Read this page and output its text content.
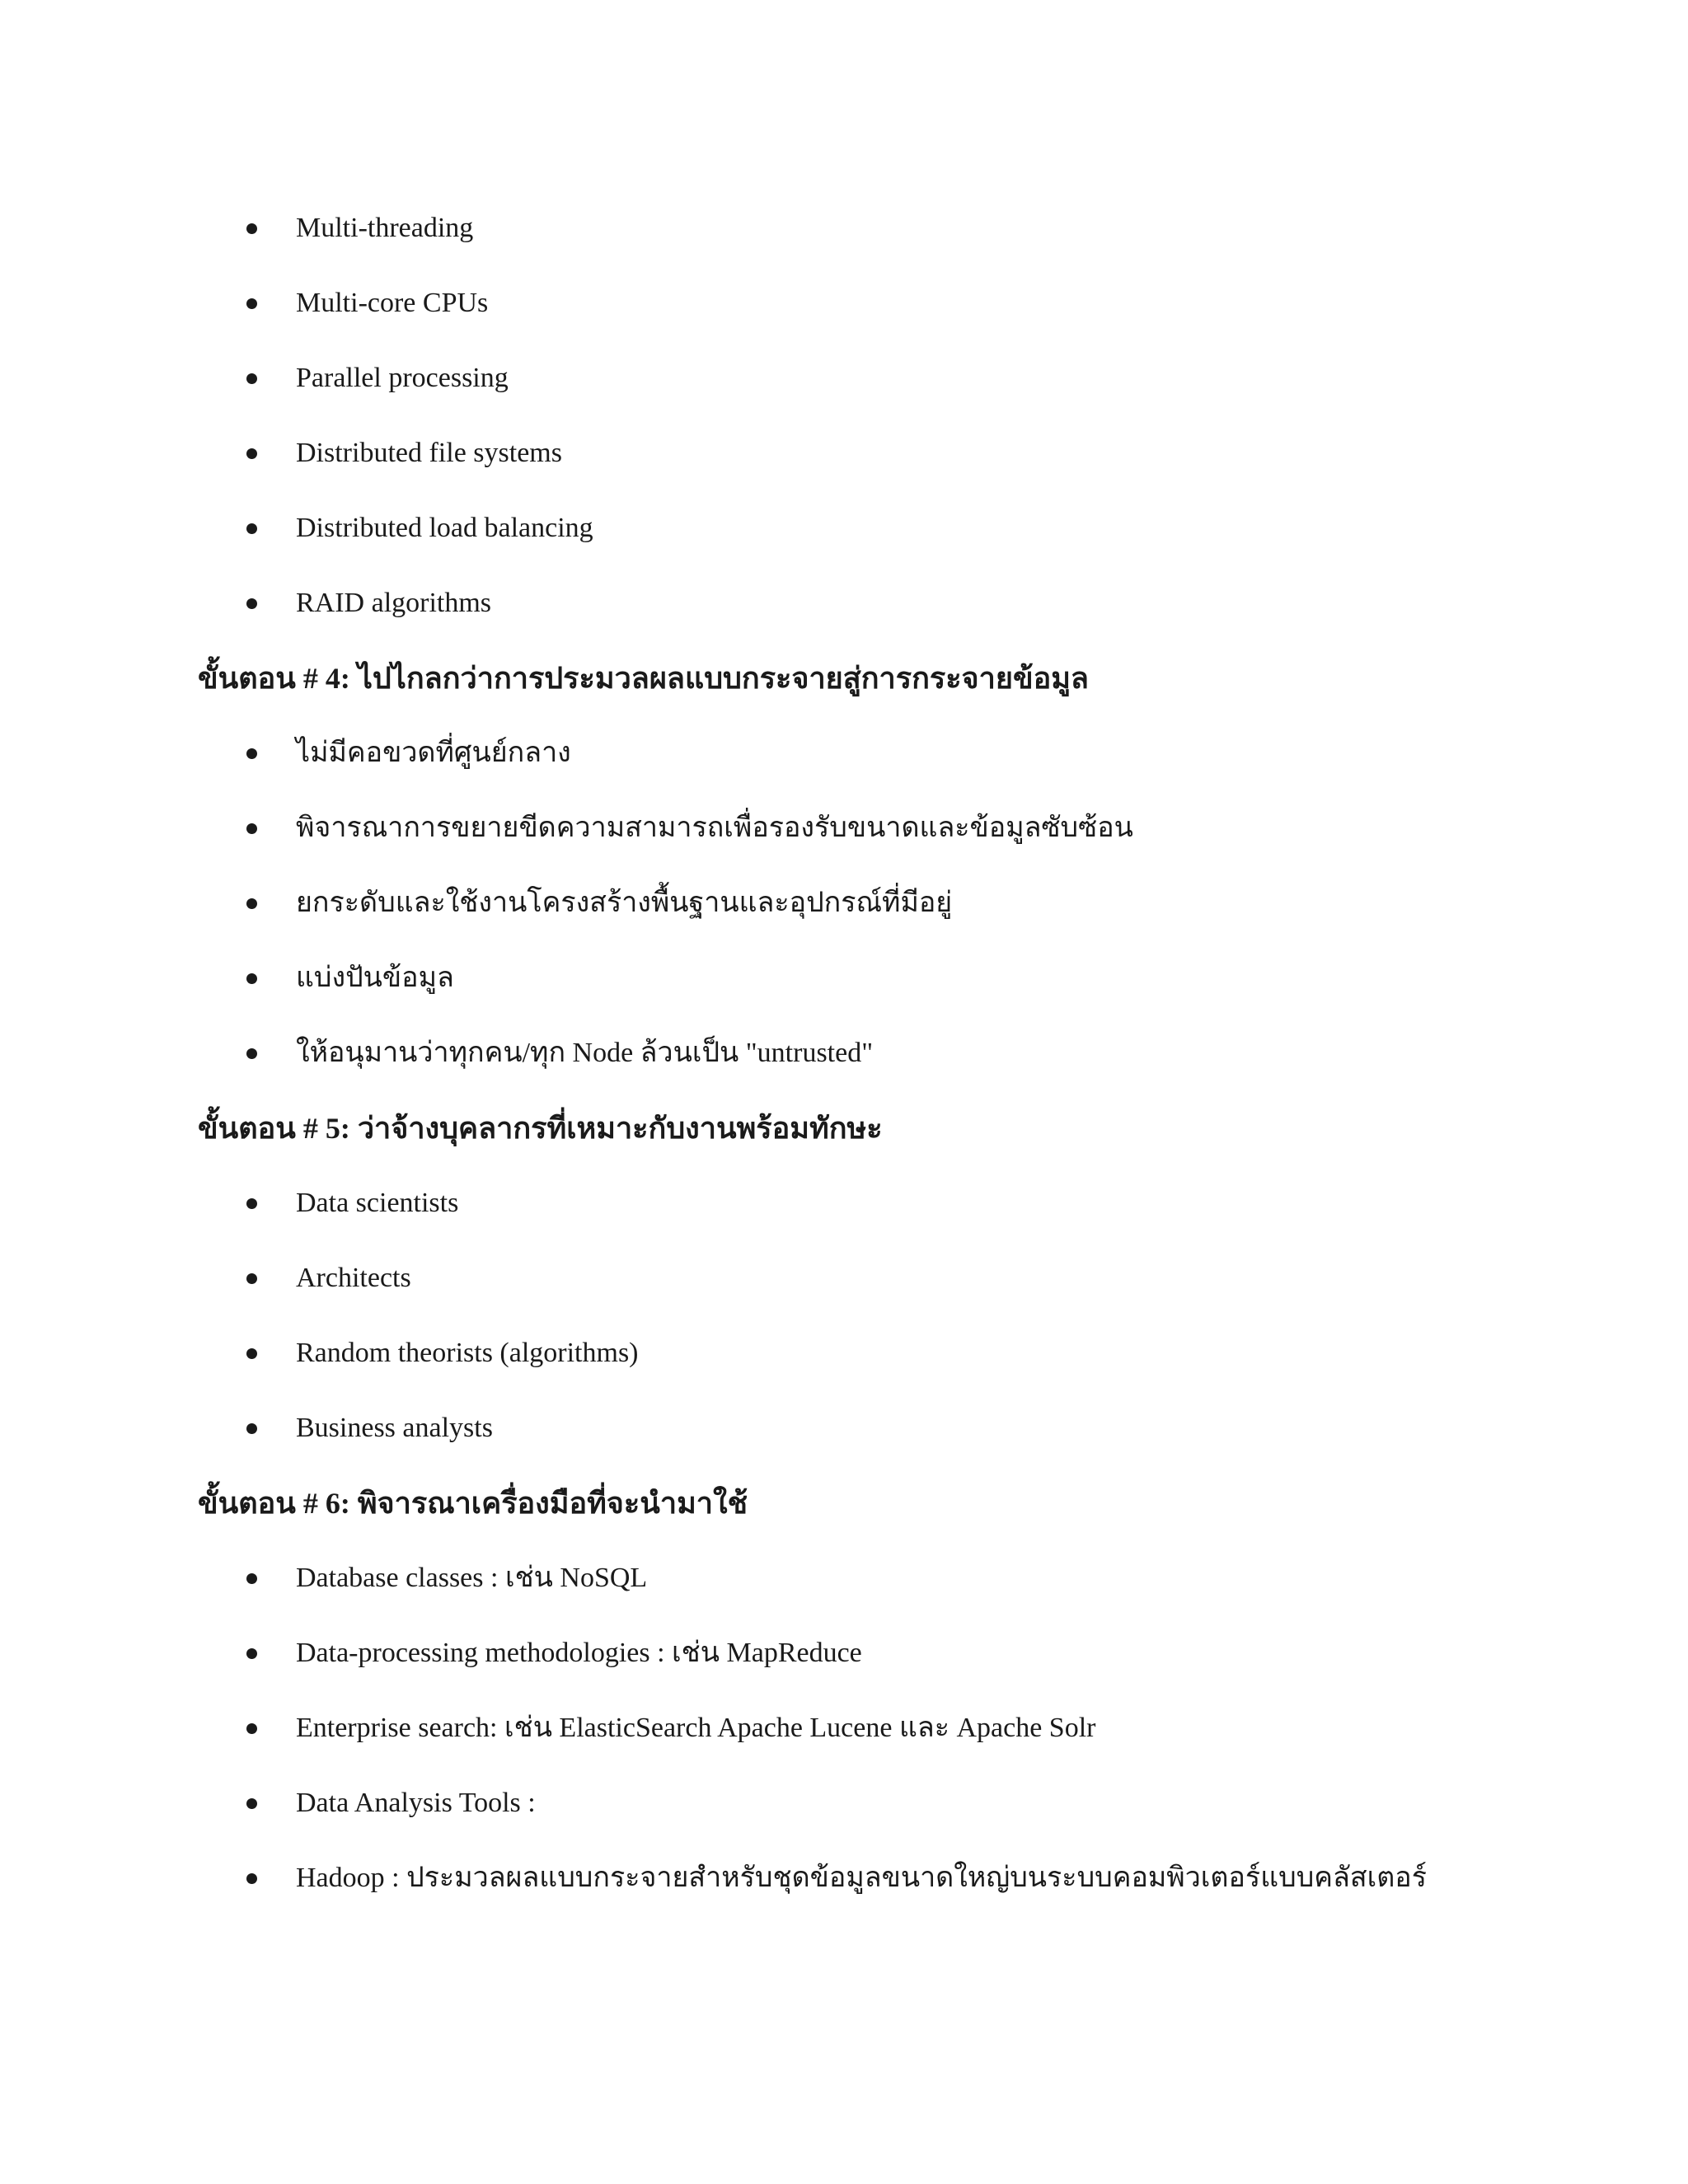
Multi-threading
Multi-core CPUs
Parallel processing
Distributed file systems
Distributed load balancing
RAID algorithms
ขั้นตอน # 4: ไปไกลกว่าการประมวลผลแบบกระจายสู่การกระจายข้อมูล
ไม่มีคอขวดที่ศูนย์กลาง
พิจารณาการขยายขีดความสามารถเพื่อรองรับขนาดและข้อมูลซับซ้อน
ยกระดับและใช้งานโครงสร้างพื้นฐานและอุปกรณ์ที่มีอยู่
แบ่งปันข้อมูล
ให้อนุมานว่าทุกคน/ทุก Node ล้วนเป็น "untrusted"
ขั้นตอน # 5: ว่าจ้างบุคลากรที่เหมาะกับงานพร้อมทักษะ
Data scientists
Architects
Random theorists (algorithms)
Business analysts
ขั้นตอน # 6: พิจารณาเครื่องมือที่จะนำมาใช้
Database classes : เช่น NoSQL
Data-processing methodologies : เช่น MapReduce
Enterprise search: เช่น ElasticSearch Apache Lucene และ Apache Solr
Data Analysis Tools :
Hadoop : ประมวลผลแบบกระจายสำหรับชุดข้อมูลขนาดใหญ่บนระบบคอมพิวเตอร์แบบคลัสเตอร์
